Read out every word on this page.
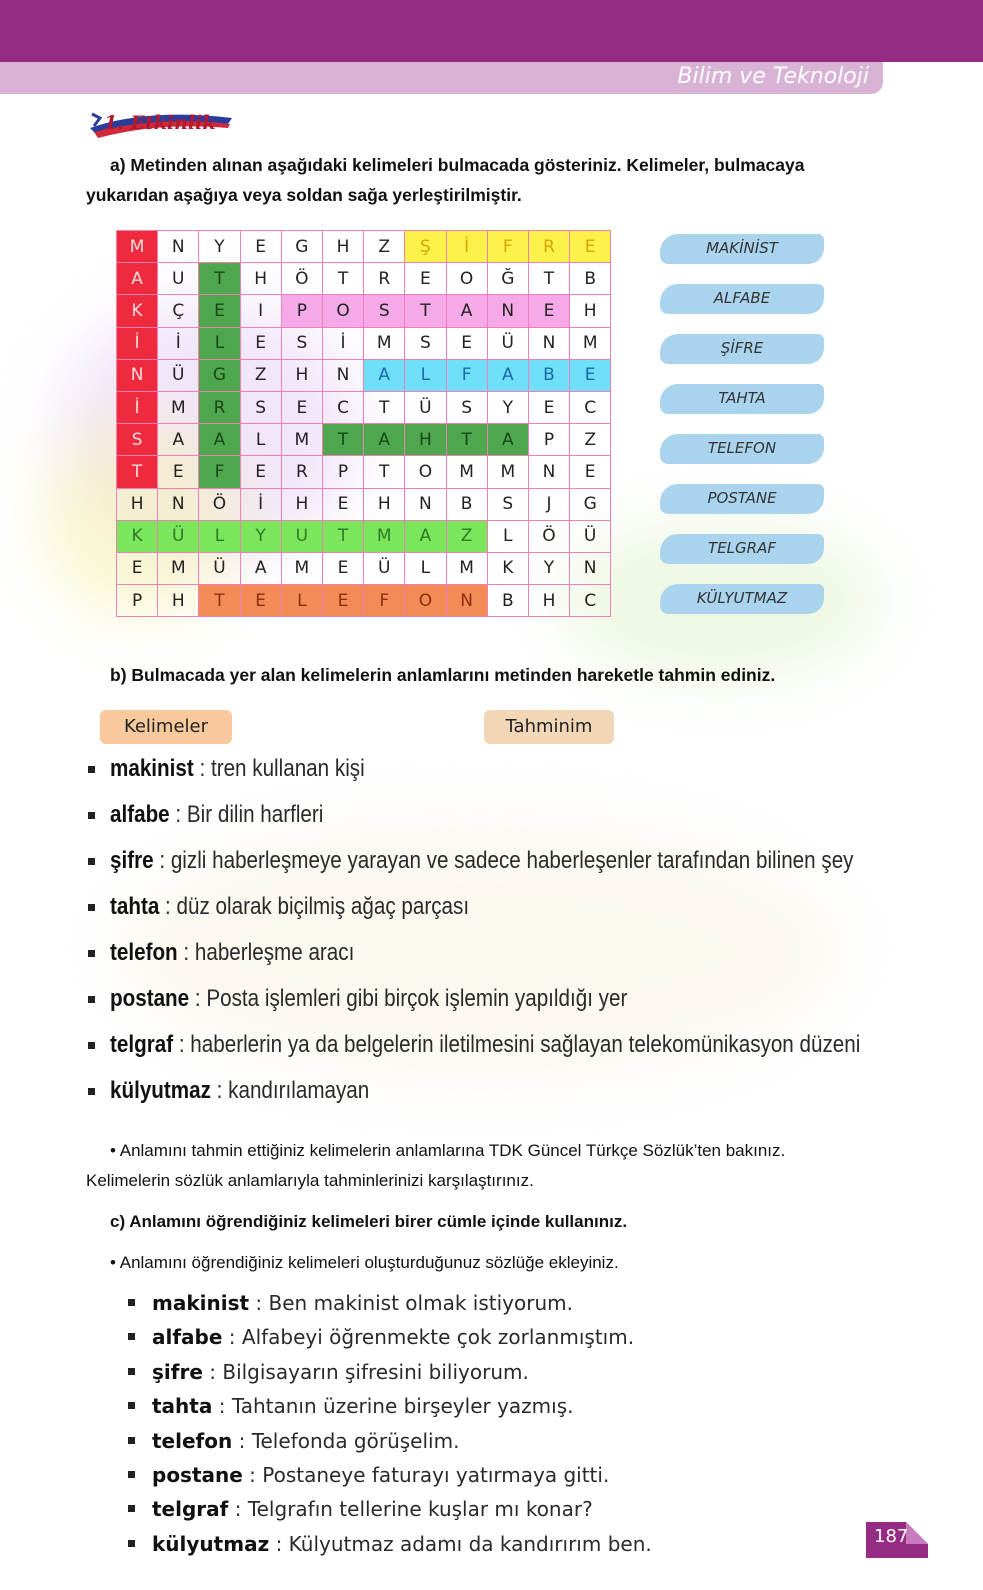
Bilim ve Teknoloji
1. Etkinlik
a) Metinden alınan aşağıdaki kelimeleri bulmacada gösteriniz. Kelimeler, bulmacaya
yukarıdan aşağıya veya soldan sağa yerleştirilmiştir.
M	N	Y	E	G	H	Z	Ş	İ	F	R	E
A	U	T	H	Ö	T	R	E	O	Ğ	T	B
K	Ç	E	I	P	O	S	T	A	N	E	H
İ	İ	L	E	S	İ	M	S	E	Ü	N	M
N	Ü	G	Z	H	N	A	L	F	A	B	E
İ	M	R	S	E	C	T	Ü	S	Y	E	C
S	A	A	L	M	T	A	H	T	A	P	Z
T	E	F	E	R	P	T	O	M	M	N	E
H	N	Ö	İ	H	E	H	N	B	S	J	G
K	Ü	L	Y	U	T	M	A	Z	L	Ö	Ü
E	M	Ü	A	M	E	Ü	L	M	K	Y	N
P	H	T	E	L	E	F	O	N	B	H	C
MAKİNİST
ALFABE
ŞİFRE
TAHTA
TELEFON
POSTANE
TELGRAF
KÜLYUTMAZ
b) Bulmacada yer alan kelimelerin anlamlarını metinden hareketle tahmin ediniz.
Kelimeler	Tahminim
makinist : tren kullanan kişi
alfabe : Bir dilin harfleri
şifre : gizli haberleşmeye yarayan ve sadece haberleşenler tarafından bilinen şey
tahta : düz olarak biçilmiş ağaç parçası
telefon : haberleşme aracı
postane : Posta işlemleri gibi birçok işlemin yapıldığı yer
telgraf : haberlerin ya da belgelerin iletilmesini sağlayan telekomünikasyon düzeni
külyutmaz : kandırılamayan
• Anlamını tahmin ettiğiniz kelimelerin anlamlarına TDK Güncel Türkçe Sözlük’ten bakınız.
Kelimelerin sözlük anlamlarıyla tahminlerinizi karşılaştırınız.
c) Anlamını öğrendiğiniz kelimeleri birer cümle içinde kullanınız.
• Anlamını öğrendiğiniz kelimeleri oluşturduğunuz sözlüğe ekleyiniz.
makinist : Ben makinist olmak istiyorum.
alfabe : Alfabeyi öğrenmekte çok zorlanmıştım.
şifre : Bilgisayarın şifresini biliyorum.
tahta : Tahtanın üzerine birşeyler yazmış.
telefon : Telefonda görüşelim.
postane : Postaneye faturayı yatırmaya gitti.
telgraf : Telgrafın tellerine kuşlar mı konar?
külyutmaz : Külyutmaz adamı da kandırırım ben.	187
